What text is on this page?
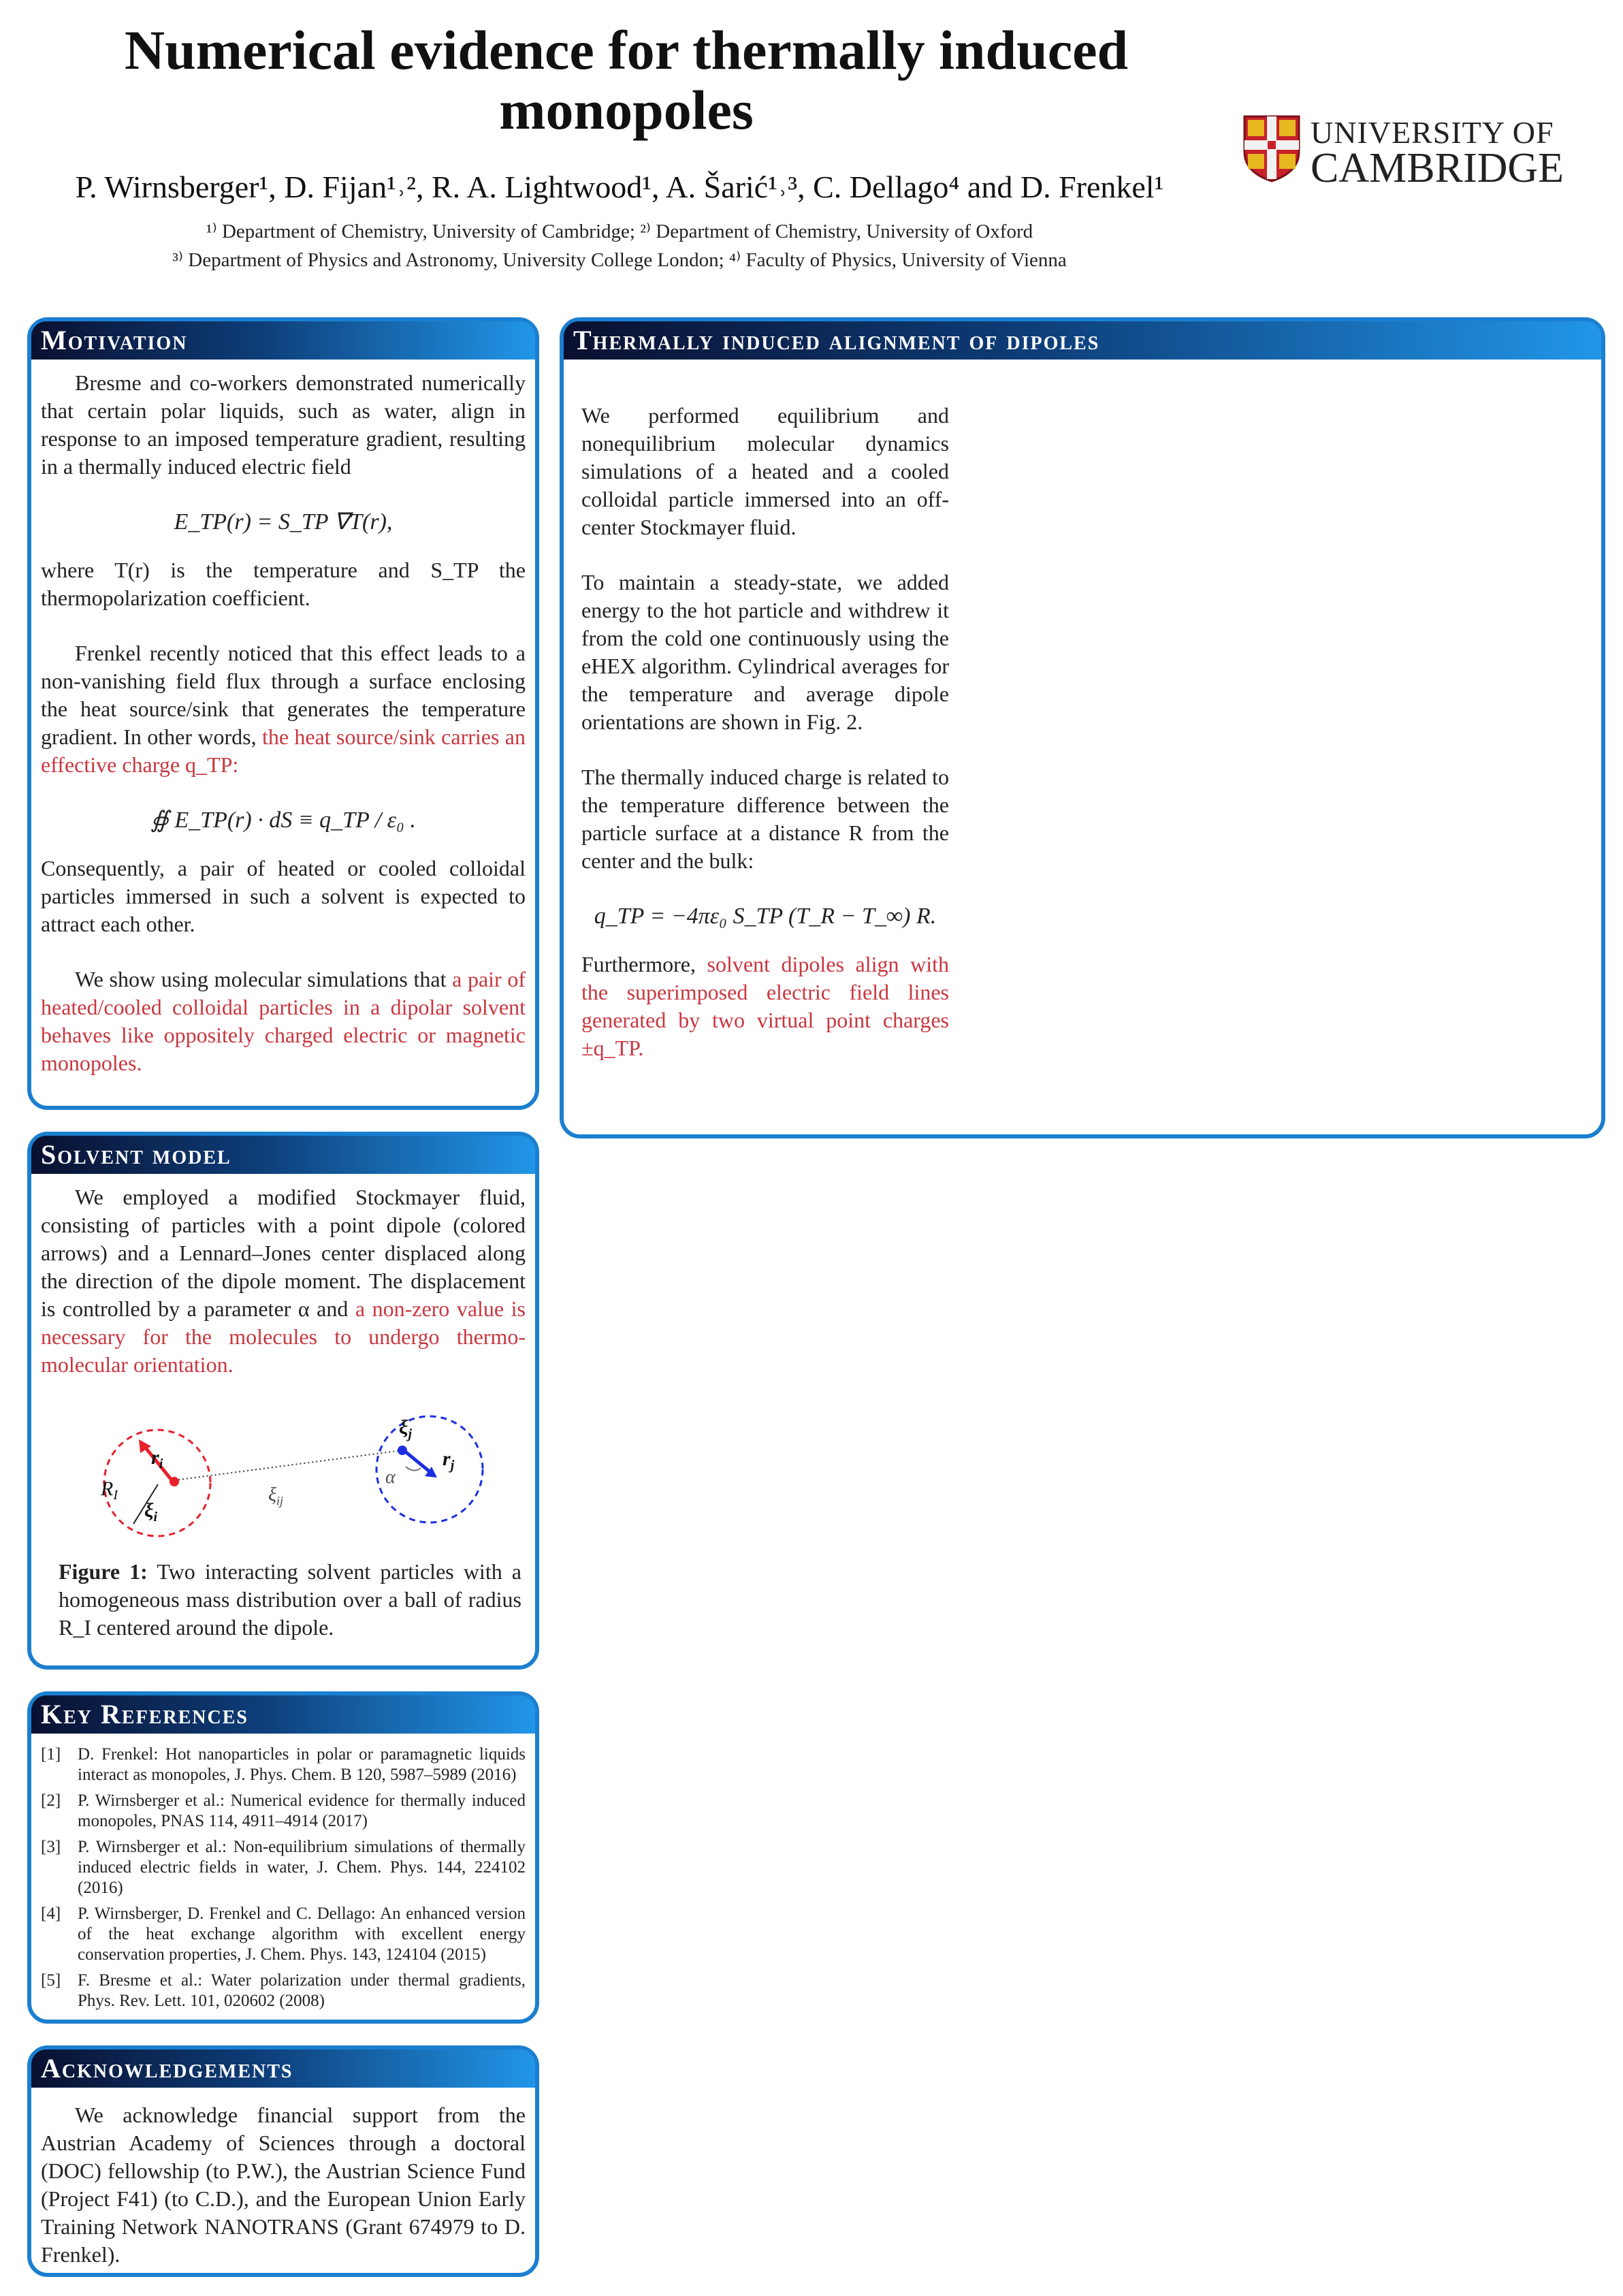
Numerical evidence for thermally induced monopoles
P. Wirnsberger¹, D. Fijan¹˒², R. A. Lightwood¹, A. Šarić¹˒³, C. Dellago⁴ and D. Frenkel¹
¹⁾ Department of Chemistry, University of Cambridge; ²⁾ Department of Chemistry, University of Oxford
³⁾ Department of Physics and Astronomy, University College London; ⁴⁾ Faculty of Physics, University of Vienna
UNIVERSITY OF
CAMBRIDGE
Motivation

Bresme and co-workers demonstrated numerically that certain polar liquids, such as water, align in response to an imposed temperature gradient, resulting in a thermally induced electric field

E_TP(r) = S_TP ∇T(r),

where T(r) is the temperature and S_TP the thermopolarization coefficient.

Frenkel recently noticed that this effect leads to a non-vanishing field flux through a surface enclosing the heat source/sink that generates the temperature gradient. In other words, the heat source/sink carries an effective charge q_TP:

∯ E_TP(r) · dS ≡ q_TP / ε₀ .

Consequently, a pair of heated or cooled colloidal particles immersed in such a solvent is expected to attract each other.

We show using molecular simulations that a pair of heated/cooled colloidal particles in a dipolar solvent behaves like oppositely charged electric or magnetic monopoles.

Solvent model

We employed a modified Stockmayer fluid, consisting of particles with a point dipole (colored arrows) and a Lennard–Jones center displaced along the direction of the dipole moment. The displacement is controlled by a parameter α and a non-zero value is necessary for the molecules to undergo thermo-molecular orientation.

$r_i$
$\xi_i$
$R_I$	$\xi_{ij}$
$\xi_j$
$r_j$
α
Figure 1: Two interacting solvent particles with a homogeneous mass distribution over a ball of radius R_I centered around the dipole.
Key References
[1] D. Frenkel: Hot nanoparticles in polar or paramagnetic liquids interact as monopoles, J. Phys. Chem. B 120, 5987–5989 (2016)
[2] P. Wirnsberger et al.: Numerical evidence for thermally induced monopoles, PNAS 114, 4911–4914 (2017)
[3] P. Wirnsberger et al.: Non-equilibrium simulations of thermally induced electric fields in water, J. Chem. Phys. 144, 224102 (2016)
[4] P. Wirnsberger, D. Frenkel and C. Dellago: An enhanced version of the heat exchange algorithm with excellent energy conservation properties, J. Chem. Phys. 143, 124104 (2015)
[5] F. Bresme et al.: Water polarization under thermal gradients, Phys. Rev. Lett. 101, 020602 (2008)
Acknowledgements

We acknowledge financial support from the Austrian Academy of Sciences through a doctoral (DOC) fellowship (to P.W.), the Austrian Science Fund (Project F41) (to C.D.), and the European Union Early Training Network NANOTRANS (Grant 674979 to D. Frenkel).

Thermally induced alignment of dipoles

We performed equilibrium and nonequilibrium molecular dynamics simulations of a heated and a cooled colloidal particle immersed into an off-center Stockmayer fluid.

To maintain a steady-state, we added energy to the hot particle and withdrew it from the cold one continuously using the eHEX algorithm. Cylindrical averages for the temperature and average dipole orientations are shown in Fig. 2.

The thermally induced charge is related to the temperature difference between the particle surface at a distance R from the center and the bulk:

q_TP = −4πε₀ S_TP (T_R − T_∞) R.

Furthermore, solvent dipoles align with the superimposed electric field lines generated by two virtual point charges ±q_TP.
